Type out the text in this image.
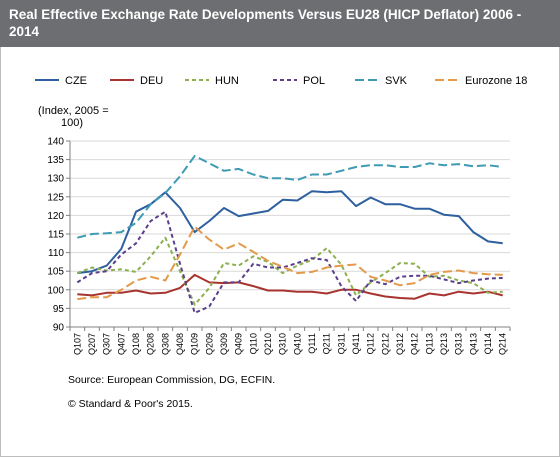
Real Effective Exchange Rate Developments Versus EU28 (HICP Deflator) 2006 - 2014
CZE	DEU	HUN	POL	SVK	Eurozone 18
(Index, 2005 = 100)
90
95
100
105
110
115
120
125
130
135
140
Q107 Q207 Q307 Q407 Q108 Q208 Q308 Q408 Q109 Q209 Q309 Q409 Q110 Q210 Q310 Q410 Q111 Q211 Q311 Q411 Q112 Q212 Q312 Q412 Q113 Q213 Q313 Q413 Q114 Q214
Source: European Commission, DG, ECFIN.
© Standard & Poor's 2015.
